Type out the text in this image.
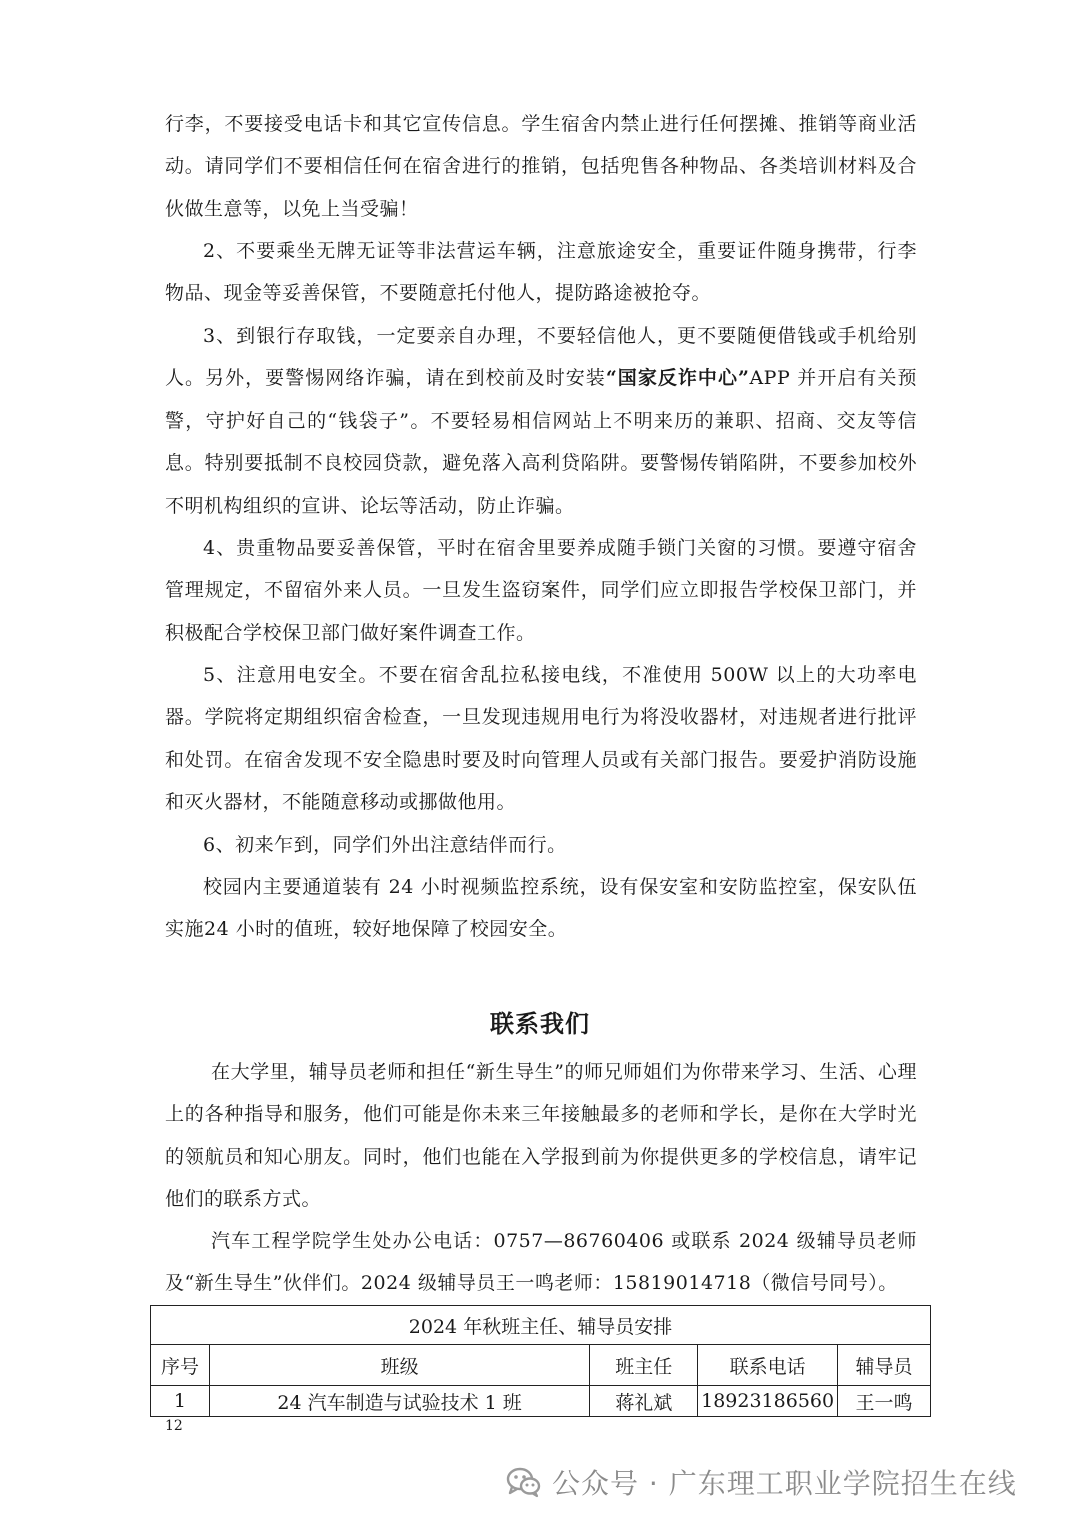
行李，不要接受电话卡和其它宣传信息。学生宿舍内禁止进行任何摆摊、推销等商业活动。请同学们不要相信任何在宿舍进行的推销，包括兜售各种物品、各类培训材料及合伙做生意等，以免上当受骗！

2、不要乘坐无牌无证等非法营运车辆，注意旅途安全，重要证件随身携带，行李物品、现金等妥善保管，不要随意托付他人，提防路途被抢夺。

3、到银行存取钱，一定要亲自办理，不要轻信他人，更不要随便借钱或手机给别人。另外，要警惕网络诈骗，请在到校前及时安装“国家反诈中心”APP 并开启有关预警，守护好自己的“钱袋子”。不要轻易相信网站上不明来历的兼职、招商、交友等信息。特别要抵制不良校园贷款，避免落入高利贷陷阱。要警惕传销陷阱，不要参加校外不明机构组织的宣讲、论坛等活动，防止诈骗。

4、贵重物品要妥善保管，平时在宿舍里要养成随手锁门关窗的习惯。要遵守宿舍管理规定，不留宿外来人员。一旦发生盗窃案件，同学们应立即报告学校保卫部门，并积极配合学校保卫部门做好案件调查工作。

5、注意用电安全。不要在宿舍乱拉私接电线，不准使用 500W 以上的大功率电器。学院将定期组织宿舍检查，一旦发现违规用电行为将没收器材，对违规者进行批评和处罚。在宿舍发现不安全隐患时要及时向管理人员或有关部门报告。要爱护消防设施和灭火器材，不能随意移动或挪做他用。

6、初来乍到，同学们外出注意结伴而行。

校园内主要通道装有 24 小时视频监控系统，设有保安室和安防监控室，保安队伍实施24 小时的值班，较好地保障了校园安全。

联系我们

在大学里，辅导员老师和担任“新生导生”的师兄师姐们为你带来学习、生活、心理上的各种指导和服务，他们可能是你未来三年接触最多的老师和学长，是你在大学时光的领航员和知心朋友。同时，他们也能在入学报到前为你提供更多的学校信息，请牢记他们的联系方式。

汽车工程学院学生处办公电话：0757—86760406 或联系 2024 级辅导员老师及“新生导生”伙伴们。2024 级辅导员王一鸣老师：15819014718（微信号同号）。

2024 年秋班主任、辅导员安排				
序号	班级	班主任	联系电话	辅导员
1	24 汽车制造与试验技术 1 班	蒋礼斌	18923186560	王一鸣
12
公众号 · 广东理工职业学院招生在线
